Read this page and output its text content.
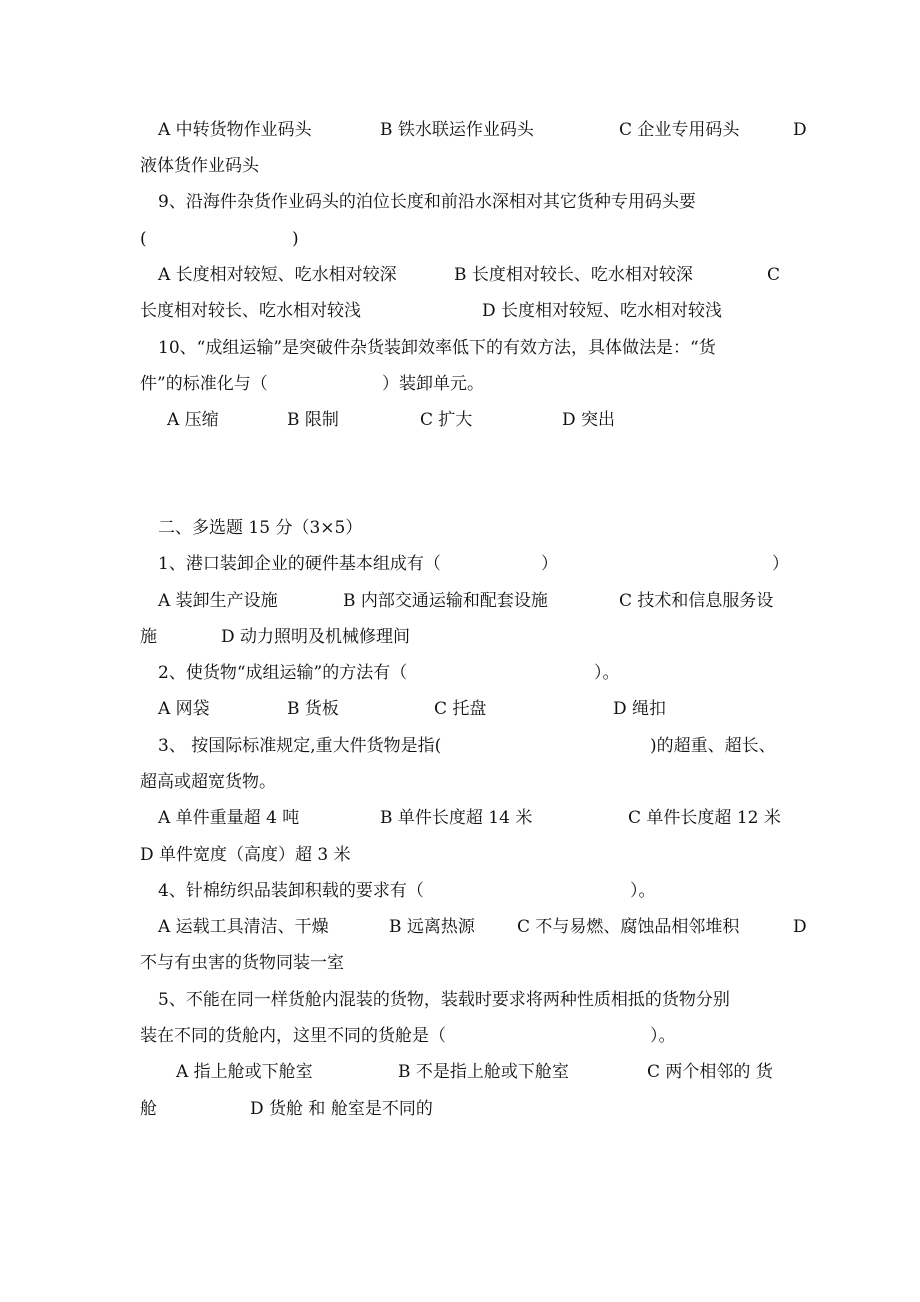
A 中转货物作业码头	B 铁水联运作业码头	C 企业专用码头	D
液体货作业码头
9、沿海件杂货作业码头的泊位长度和前沿水深相对其它货种专用码头要
(	)
A 长度相对较短、吃水相对较深	B 长度相对较长、吃水相对较深	C
长度相对较长、吃水相对较浅	D 长度相对较短、吃水相对较浅
10、“成组运输”是突破件杂货装卸效率低下的有效方法，具体做法是：“货
件”的标准化与（	）装卸单元。
A 压缩	B 限制	C 扩大	D 突出
二、多选题 15 分（3×5）
1、港口装卸企业的硬件基本组成有（	）	）
A 装卸生产设施	B 内部交通运输和配套设施	C 技术和信息服务设
施	D 动力照明及机械修理间
2、使货物“成组运输”的方法有（	）。
A 网袋	B 货板	C 托盘	D 绳扣
3、 按国际标准规定,重大件货物是指(	)的超重、超长、
超高或超宽货物。
A 单件重量超 4 吨	B 单件长度超 14 米	C 单件长度超 12 米
D 单件宽度（高度）超 3 米
4、针棉纺织品装卸积载的要求有（	）。
A 运载工具清洁、干燥	B 远离热源 C 不与易燃、腐蚀品相邻堆积	D
不与有虫害的货物同装一室
5、不能在同一样货舱内混装的货物，装载时要求将两种性质相抵的货物分别
装在不同的货舱内，这里不同的货舱是（	）。
A 指上舱或下舱室	B 不是指上舱或下舱室	C 两个相邻的 货
舱	D 货舱 和 舱室是不同的
